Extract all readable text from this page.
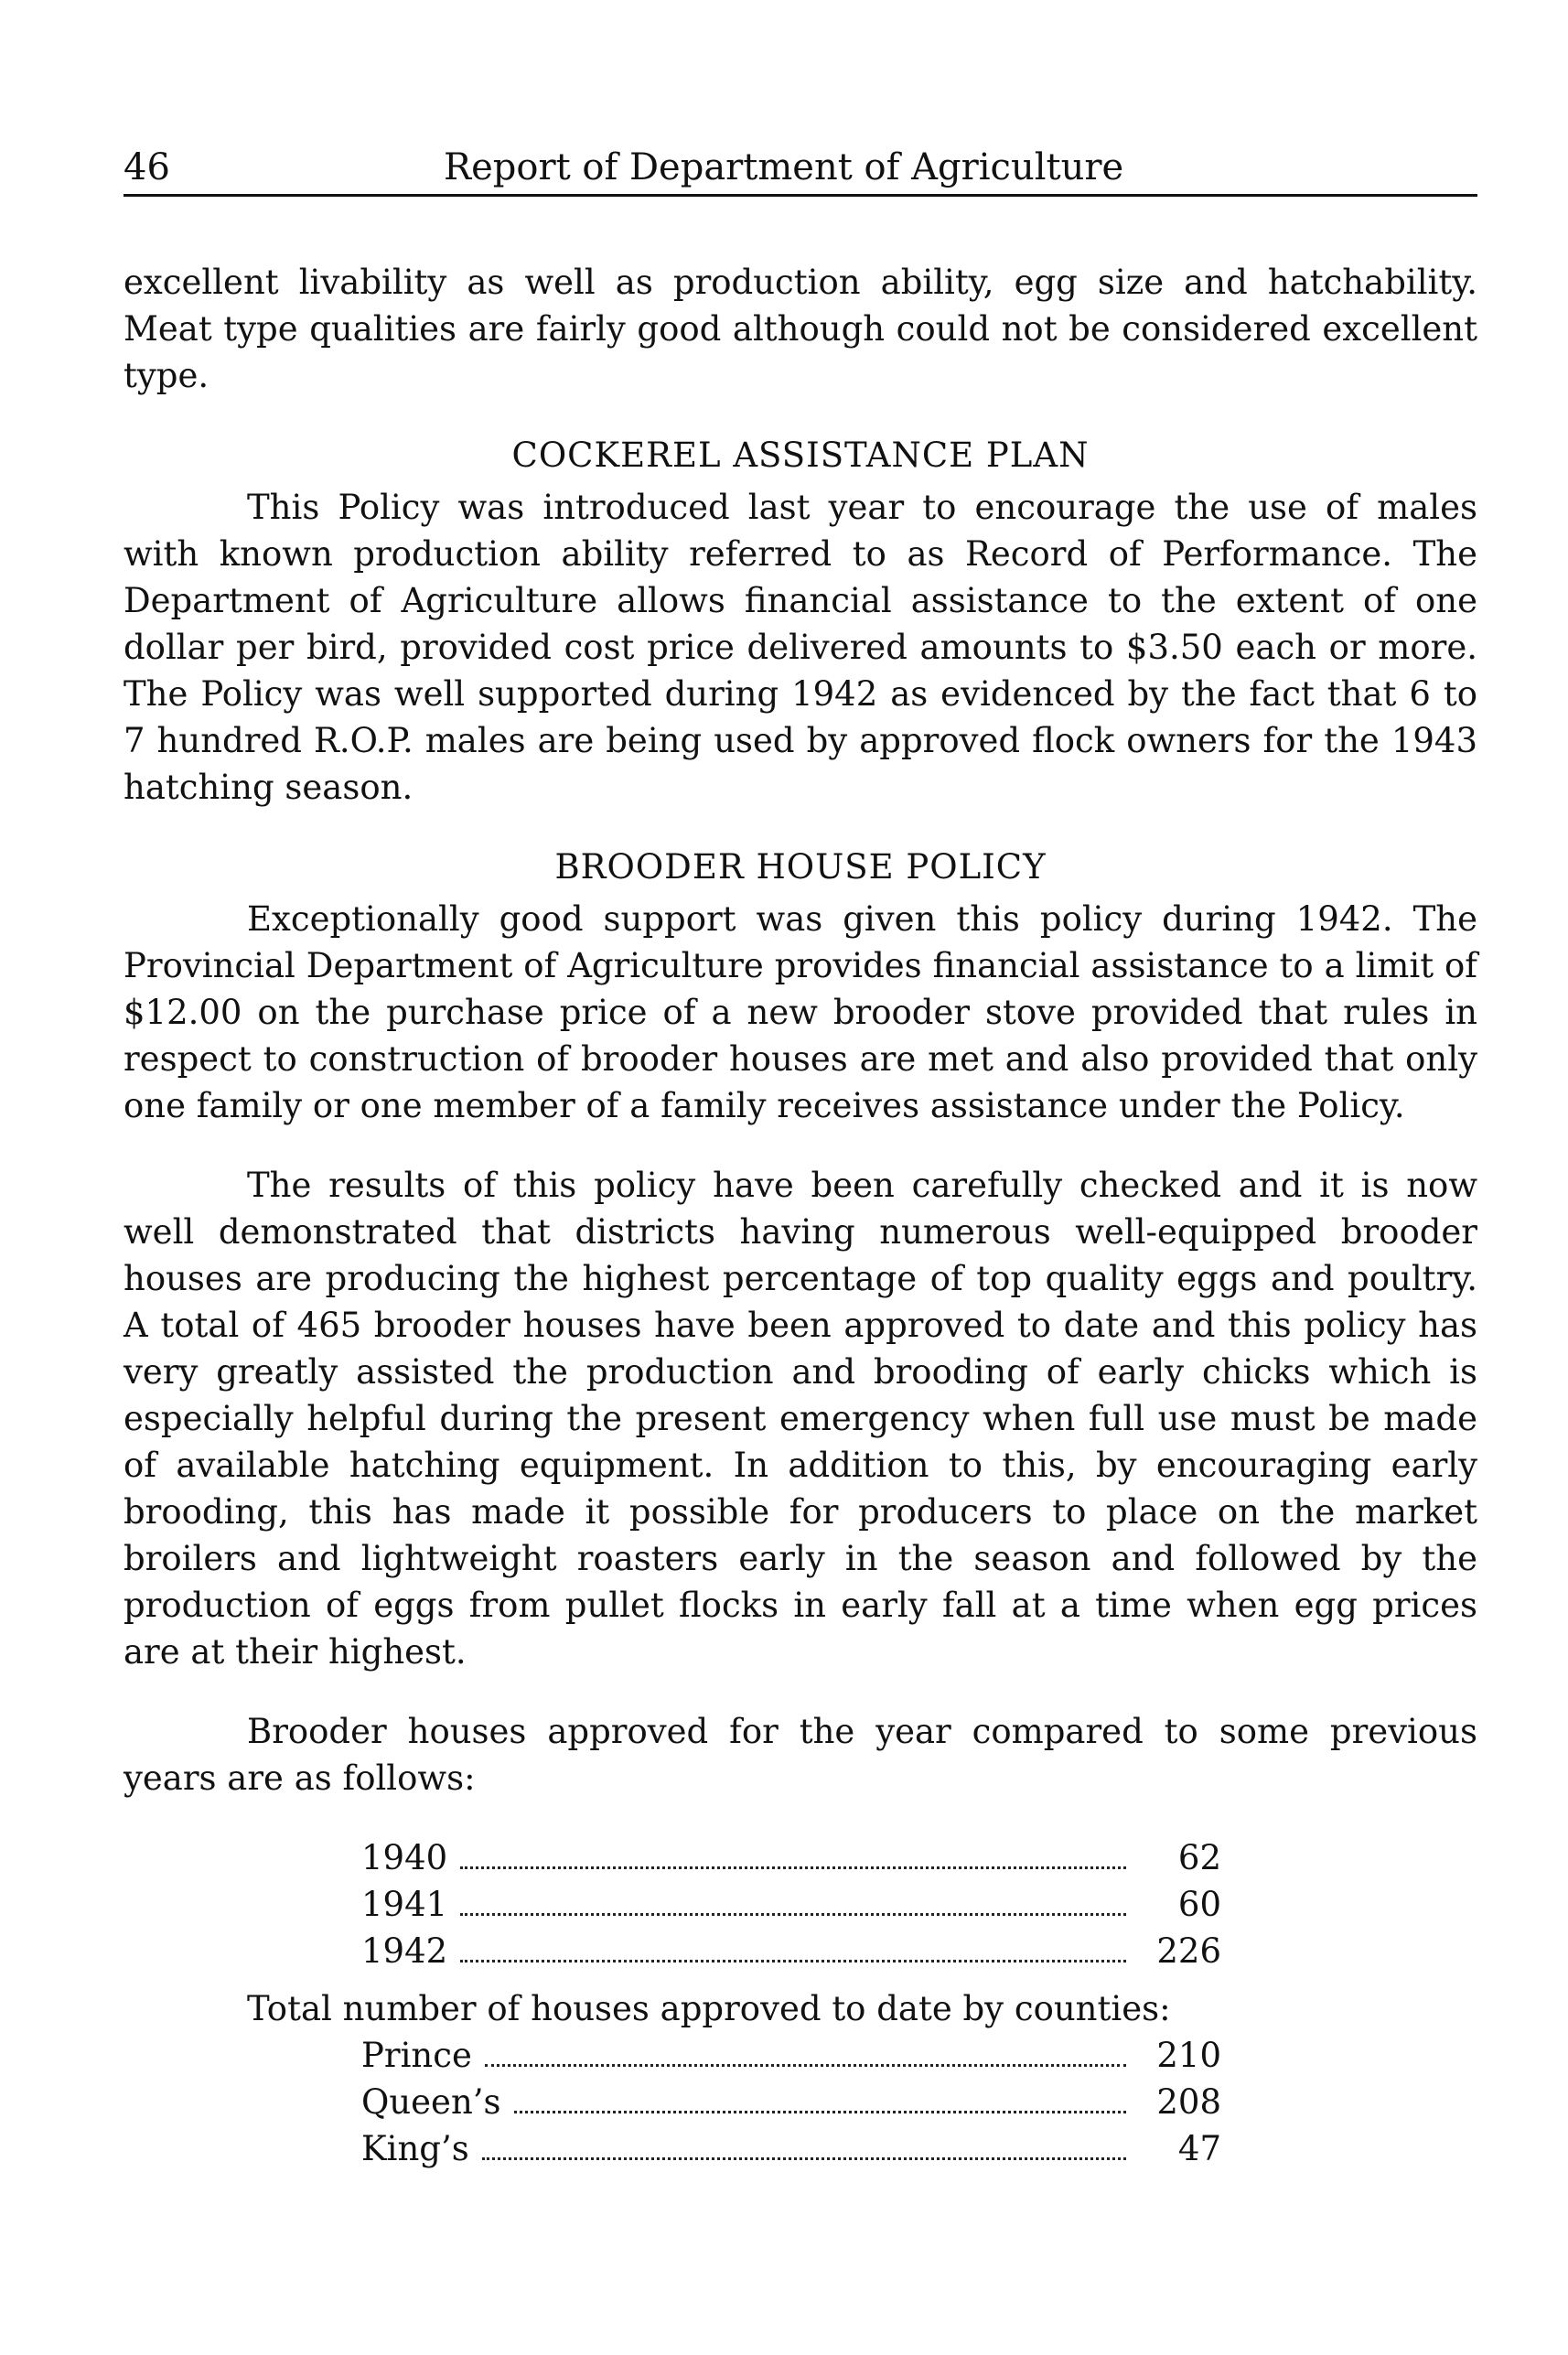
46	Report of Department of Agriculture

excellent livability as well as production ability, egg size and hatchability. Meat type qualities are fairly good although could not be considered excellent type.

COCKEREL ASSISTANCE PLAN

This Policy was introduced last year to encourage the use of males with known production ability referred to as Record of Performance. The Department of Agriculture allows financial assistance to the extent of one dollar per bird, provided cost price delivered amounts to $3.50 each or more. The Policy was well supported during 1942 as evidenced by the fact that 6 to 7 hundred R.O.P. males are being used by approved flock owners for the 1943 hatching season.

BROODER HOUSE POLICY

Exceptionally good support was given this policy during 1942. The Provincial Department of Agriculture provides financial assistance to a limit of $12.00 on the purchase price of a new brooder stove provided that rules in respect to construction of brooder houses are met and also provided that only one family or one member of a family receives assistance under the Policy.

The results of this policy have been carefully checked and it is now well demonstrated that districts having numerous well-equipped brooder houses are producing the highest percentage of top quality eggs and poultry. A total of 465 brooder houses have been approved to date and this policy has very greatly assisted the production and brooding of early chicks which is especially helpful during the present emergency when full use must be made of available hatching equipment. In addition to this, by encouraging early brooding, this has made it possible for producers to place on the market broilers and lightweight roasters early in the season and followed by the production of eggs from pullet flocks in early fall at a time when egg prices are at their highest.

Brooder houses approved for the year compared to some previous years are as follows:

1940	62
1941	60
1942	226
Total number of houses approved to date by counties:
Prince	210
Queen’s	208
King’s	47
